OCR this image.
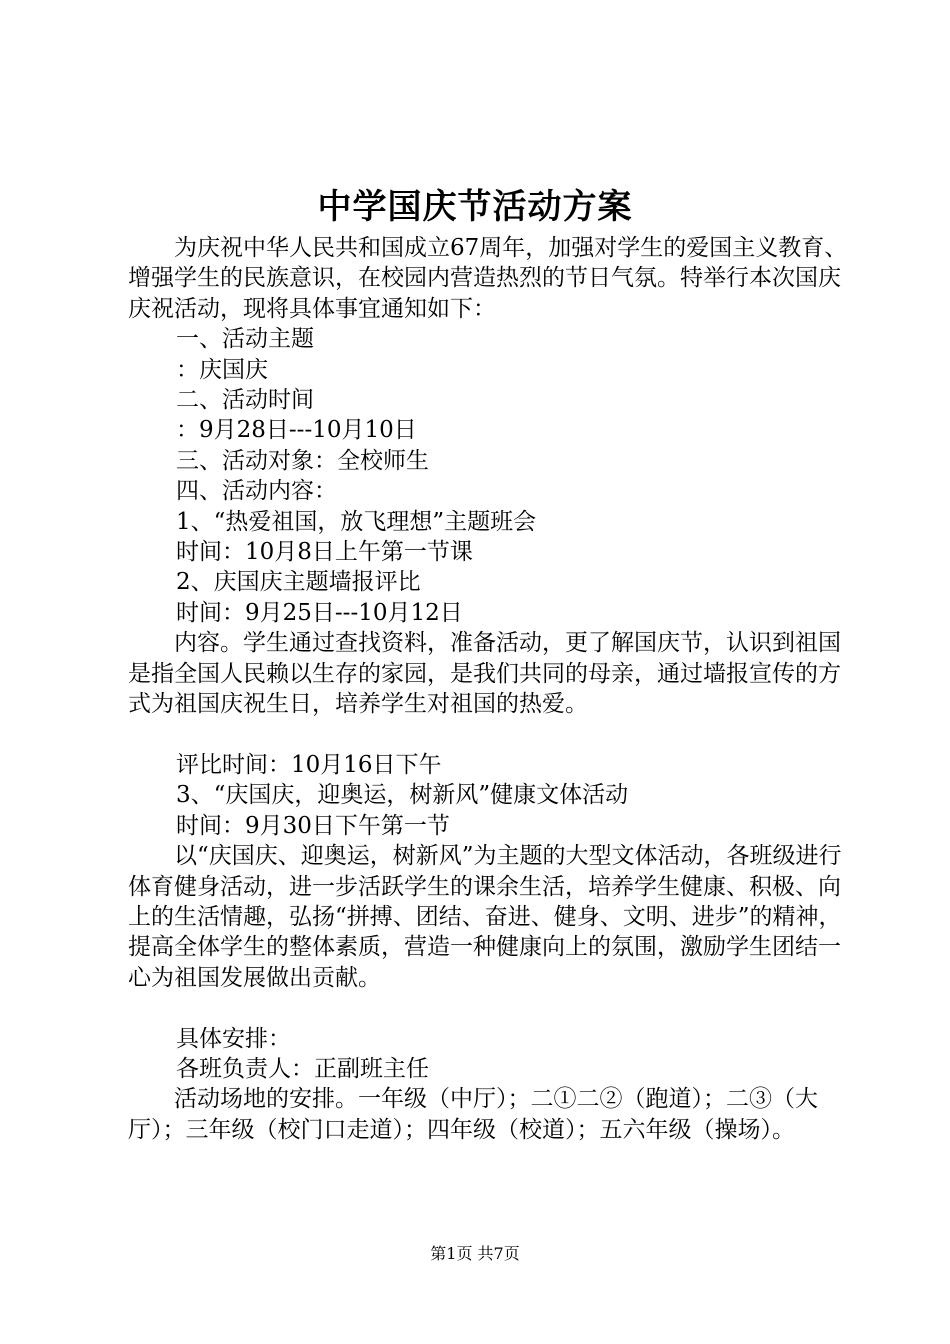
中学国庆节活动方案

为庆祝中华人民共和国成立67周年，加强对学生的爱国主义教育、增强学生的民族意识，在校园内营造热烈的节日气氛。特举行本次国庆庆祝活动，现将具体事宜通知如下：

一、活动主题

：庆国庆

二、活动时间

：9月28日---10月10日

三、活动对象：全校师生

四、活动内容：

1、“热爱祖国，放飞理想”主题班会

时间：10月8日上午第一节课

2、庆国庆主题墙报评比

时间：9月25日---10月12日

内容。学生通过查找资料，准备活动，更了解国庆节，认识到祖国是指全国人民赖以生存的家园，是我们共同的母亲，通过墙报宣传的方式为祖国庆祝生日，培养学生对祖国的热爱。

评比时间：10月16日下午

3、“庆国庆，迎奥运，树新风”健康文体活动

时间：9月30日下午第一节

以“庆国庆、迎奥运，树新风”为主题的大型文体活动，各班级进行体育健身活动，进一步活跃学生的课余生活，培养学生健康、积极、向上的生活情趣，弘扬“拼搏、团结、奋进、健身、文明、进步”的精神，提高全体学生的整体素质，营造一种健康向上的氛围，激励学生团结一心为祖国发展做出贡献。

具体安排：

各班负责人：正副班主任

活动场地的安排。一年级（中厅）；二①二②（跑道）；二③（大厅）；三年级（校门口走道）；四年级（校道）；五六年级（操场）。

第1页 共7页
